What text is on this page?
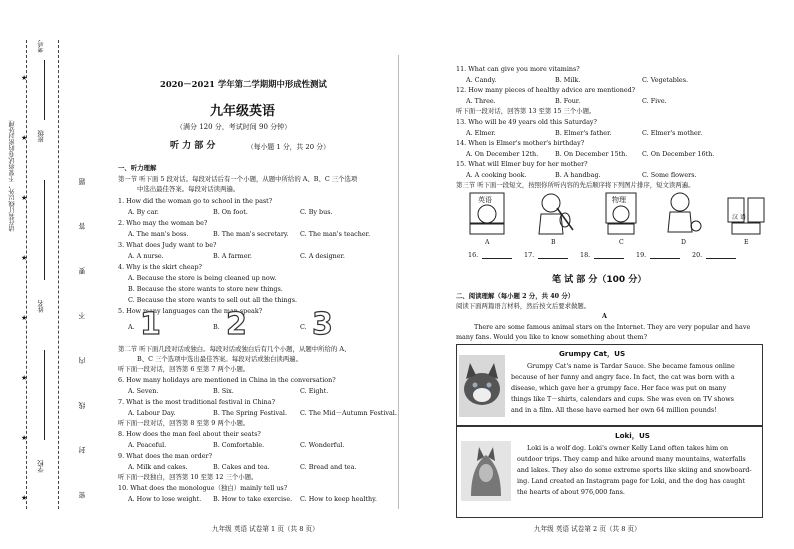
请在装订线以外，不要将试卷的密封处理	班级
姓名
学校
考号
密封线内不要答题
★
★
★
★
★
★
★
★
2020－2021 学年第二学期期中形成性测试
九年级英语
（满分 120 分，考试时间 90 分钟）
听 力 部 分	（每小题 1 分，共 20 分）
一、听力理解
第一节 听下面 5 段对话。每段对话后有一个小题，从题中所给的 A、B、C 三个选项
中选出最佳答案。每段对话读两遍。
1. How did the woman go to school in the past?
A. By car.	B. On foot.	C. By bus.
2. Who may the woman be?
A. The man's boss.	B. The man's secretary. C. The man's teacher.
3. What does Judy want to be?
A. A nurse.	B. A farmer.	C. A designer.
4. Why is the skirt cheap?
A. Because the store is being cleaned up now.
B. Because the store wants to store new things.
C. Because the store wants to sell out all the things.
5. How many languages can the man speak?
A.	B.	C.
1 2 3
第二节 听下面几段对话或独白。每段对话或独白后有几个小题，从题中所给的 A、
B、C 三个选项中选出最佳答案。每段对话或独白读两遍。
听下面一段对话，回答第 6 至第 7 两个小题。
6. How many holidays are mentioned in China in the conversation?
A. Seven.	B. Six.	C. Eight.
7. What is the most traditional festival in China?
A. Labour Day.	B. The Spring Festival. C. The Mid－Autumn Festival.
听下面一段对话，回答第 8 至第 9 两个小题。
8. How does the man feel about their seats?
A. Peaceful.	B. Comfortable.	C. Wonderful.
9. What does the man order?
A. Milk and cakes.	B. Cakes and tea.	C. Bread and tea.
听下面一段独白，回答第 10 至第 12 三个小题。
10. What does the monologue（独白）mainly tell us?
A. How to lose weight. B. How to take exercise. C. How to keep healthy.
九年级 英语 试卷第 1 页（共 8 页）
11. What can give you more vitamins?
A. Candy.	B. Milk.	C. Vegetables.
12. How many pieces of healthy advice are mentioned?
A. Three.	B. Four.	C. Five.
听下面一段对话，回答第 13 至第 15 三个小题。
13. Who will be 49 years old this Saturday?
A. Elmer.	B. Elmer's father.	C. Elmer's mother.
14. When is Elmer's mother's birthday?
A. On December 12th.	B. On December 15th. C. On December 16th.
15. What will Elmer buy for her mother?
A. A cooking book.	B. A handbag.	C. Some flowers.
第三节 听下面一段短文，按照你所听内容的先后顺序将下列图片排序，短文读两遍。
英语	物理
汉 语
A	B	C	D	E
16.	17.	18.	19.	20.
笔 试 部 分（100 分）
二、阅读理解（每小题 2 分，共 40 分）
阅读下面两篇语言材料，然后按文后要求做题。
A
There are some famous animal stars on the Internet. They are very popular and have
many fans. Would you like to know something about them?
Grumpy Cat，US
Grumpy Cat's name is Tardar Sauce. She became famous online
because of her funny and angry face. In fact, the cat was born with a
disease, which gave her a grumpy face. Her face was put on many
things like T－shirts, calendars and cups. She was even on TV shows
and in a film. All these have earned her own 64 million pounds!
Loki，US
Loki is a wolf dog. Loki's owner Kelly Land often takes him on
outdoor trips. They camp and hike around many mountains, waterfalls
and lakes. They also do some extreme sports like skiing and snowboard-
ing. Land created an Instagram page for Loki, and the dog has caught
the hearts of about 976,000 fans.
九年级 英语 试卷第 2 页（共 8 页）
